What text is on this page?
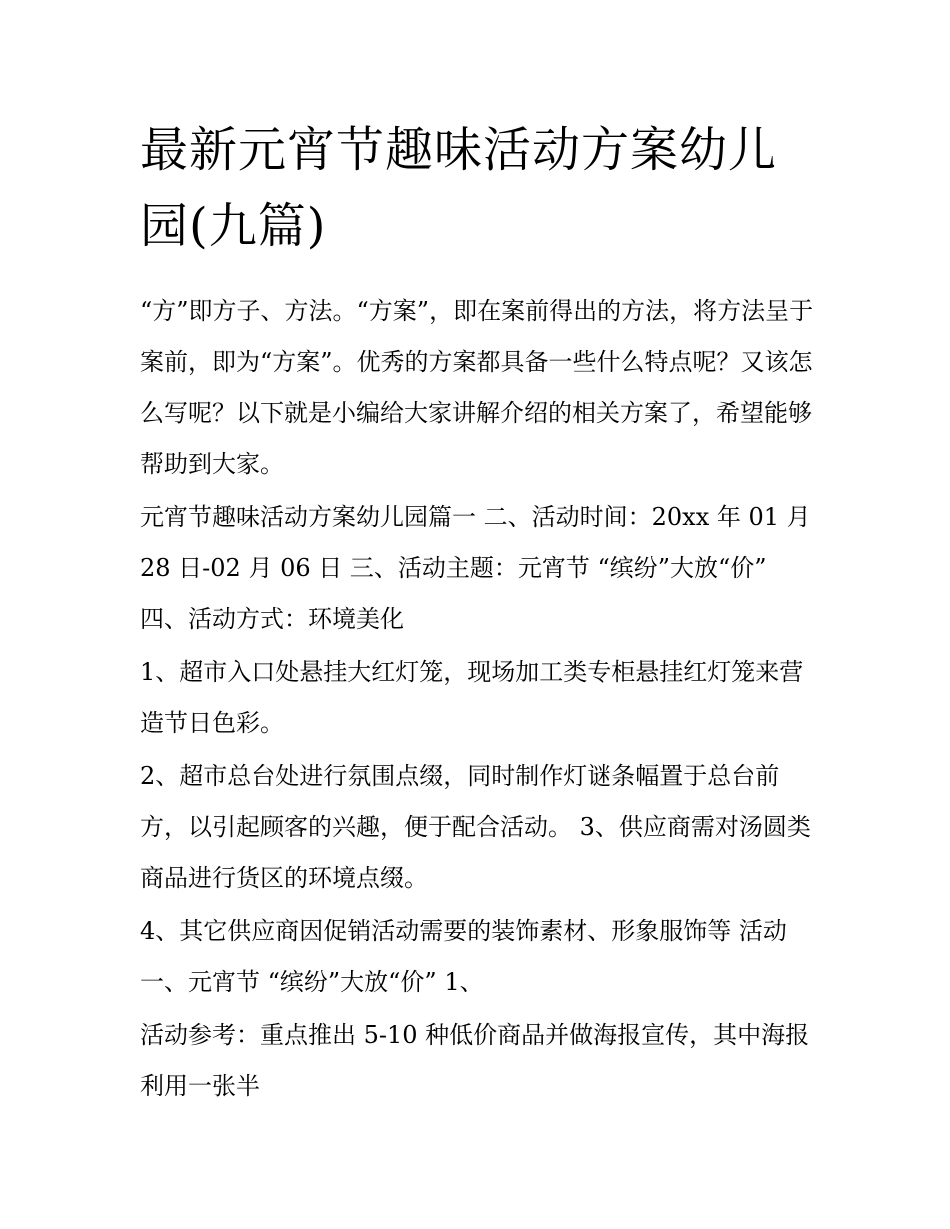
最新元宵节趣味活动方案幼儿园(九篇)

“方”即方子、方法。“方案”，即在案前得出的方法，将方法呈于案前，即为“方案”。优秀的方案都具备一些什么特点呢？又该怎么写呢？以下就是小编给大家讲解介绍的相关方案了，希望能够帮助到大家。

元宵节趣味活动方案幼儿园篇一 二、活动时间：20xx 年 01 月 28 日-02 月 06 日 三、活动主题：元宵节 “缤纷”大放“价” 四、活动方式：环境美化

1、超市入口处悬挂大红灯笼，现场加工类专柜悬挂红灯笼来营造节日色彩。

2、超市总台处进行氛围点缀，同时制作灯谜条幅置于总台前方，以引起顾客的兴趣，便于配合活动。 3、供应商需对汤圆类商品进行货区的环境点缀。

4、其它供应商因促销活动需要的装饰素材、形象服饰等 活动一、元宵节 “缤纷”大放“价” 1、

活动参考：重点推出 5-10 种低价商品并做海报宣传，其中海报利用一张半
